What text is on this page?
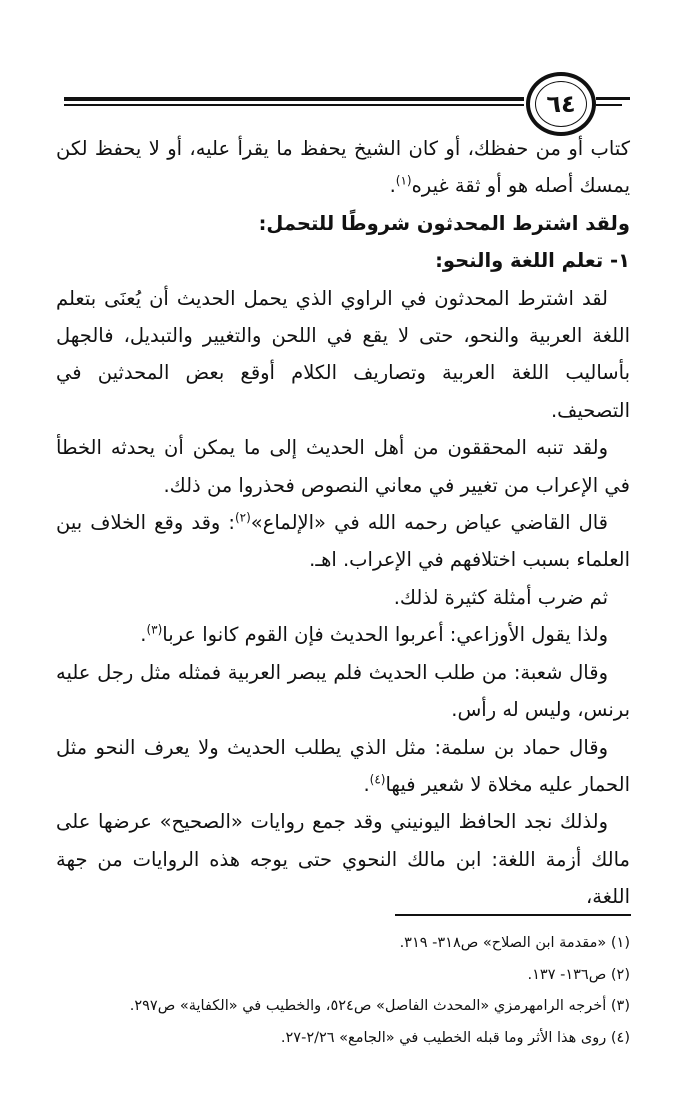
٦٤

كتاب أو من حفظك، أو كان الشيخ يحفظ ما يقرأ عليه، أو لا يحفظ لكن يمسك أصله هو أو ثقة غيره$^{(١)}$.

ولقد اشترط المحدثون شروطًا للتحمل:

١- تعلم اللغة والنحو:

لقد اشترط المحدثون في الراوي الذي يحمل الحديث أن يُعنَى بتعلم اللغة العربية والنحو، حتى لا يقع في اللحن والتغيير والتبديل، فالجهل بأساليب اللغة العربية وتصاريف الكلام أوقع بعض المحدثين في التصحيف.

ولقد تنبه المحققون من أهل الحديث إلى ما يمكن أن يحدثه الخطأ في الإعراب من تغيير في معاني النصوص فحذروا من ذلك.

قال القاضي عياض رحمه الله في «الإلماع»$^{(٢)}$: وقد وقع الخلاف بين العلماء بسبب اختلافهم في الإعراب. اهـ.

ثم ضرب أمثلة كثيرة لذلك.

ولذا يقول الأوزاعي: أعربوا الحديث فإن القوم كانوا عربا$^{(٣)}$.

وقال شعبة: من طلب الحديث فلم يبصر العربية فمثله مثل رجل عليه برنس، وليس له رأس.

وقال حماد بن سلمة: مثل الذي يطلب الحديث ولا يعرف النحو مثل الحمار عليه مخلاة لا شعير فيها$^{(٤)}$.

ولذلك نجد الحافظ اليونيني وقد جمع روايات «الصحيح» عرضها على مالك أزمة اللغة: ابن مالك النحوي حتى يوجه هذه الروايات من جهة اللغة،

(١) «مقدمة ابن الصلاح» ص٣١٨- ٣١٩.

(٢) ص١٣٦- ١٣٧.

(٣) أخرجه الرامهرمزي «المحدث الفاصل» ص٥٢٤، والخطيب في «الكفاية» ص٢٩٧.

(٤) روى هذا الأثر وما قبله الخطيب في «الجامع» ٢/٢٦-٢٧.
